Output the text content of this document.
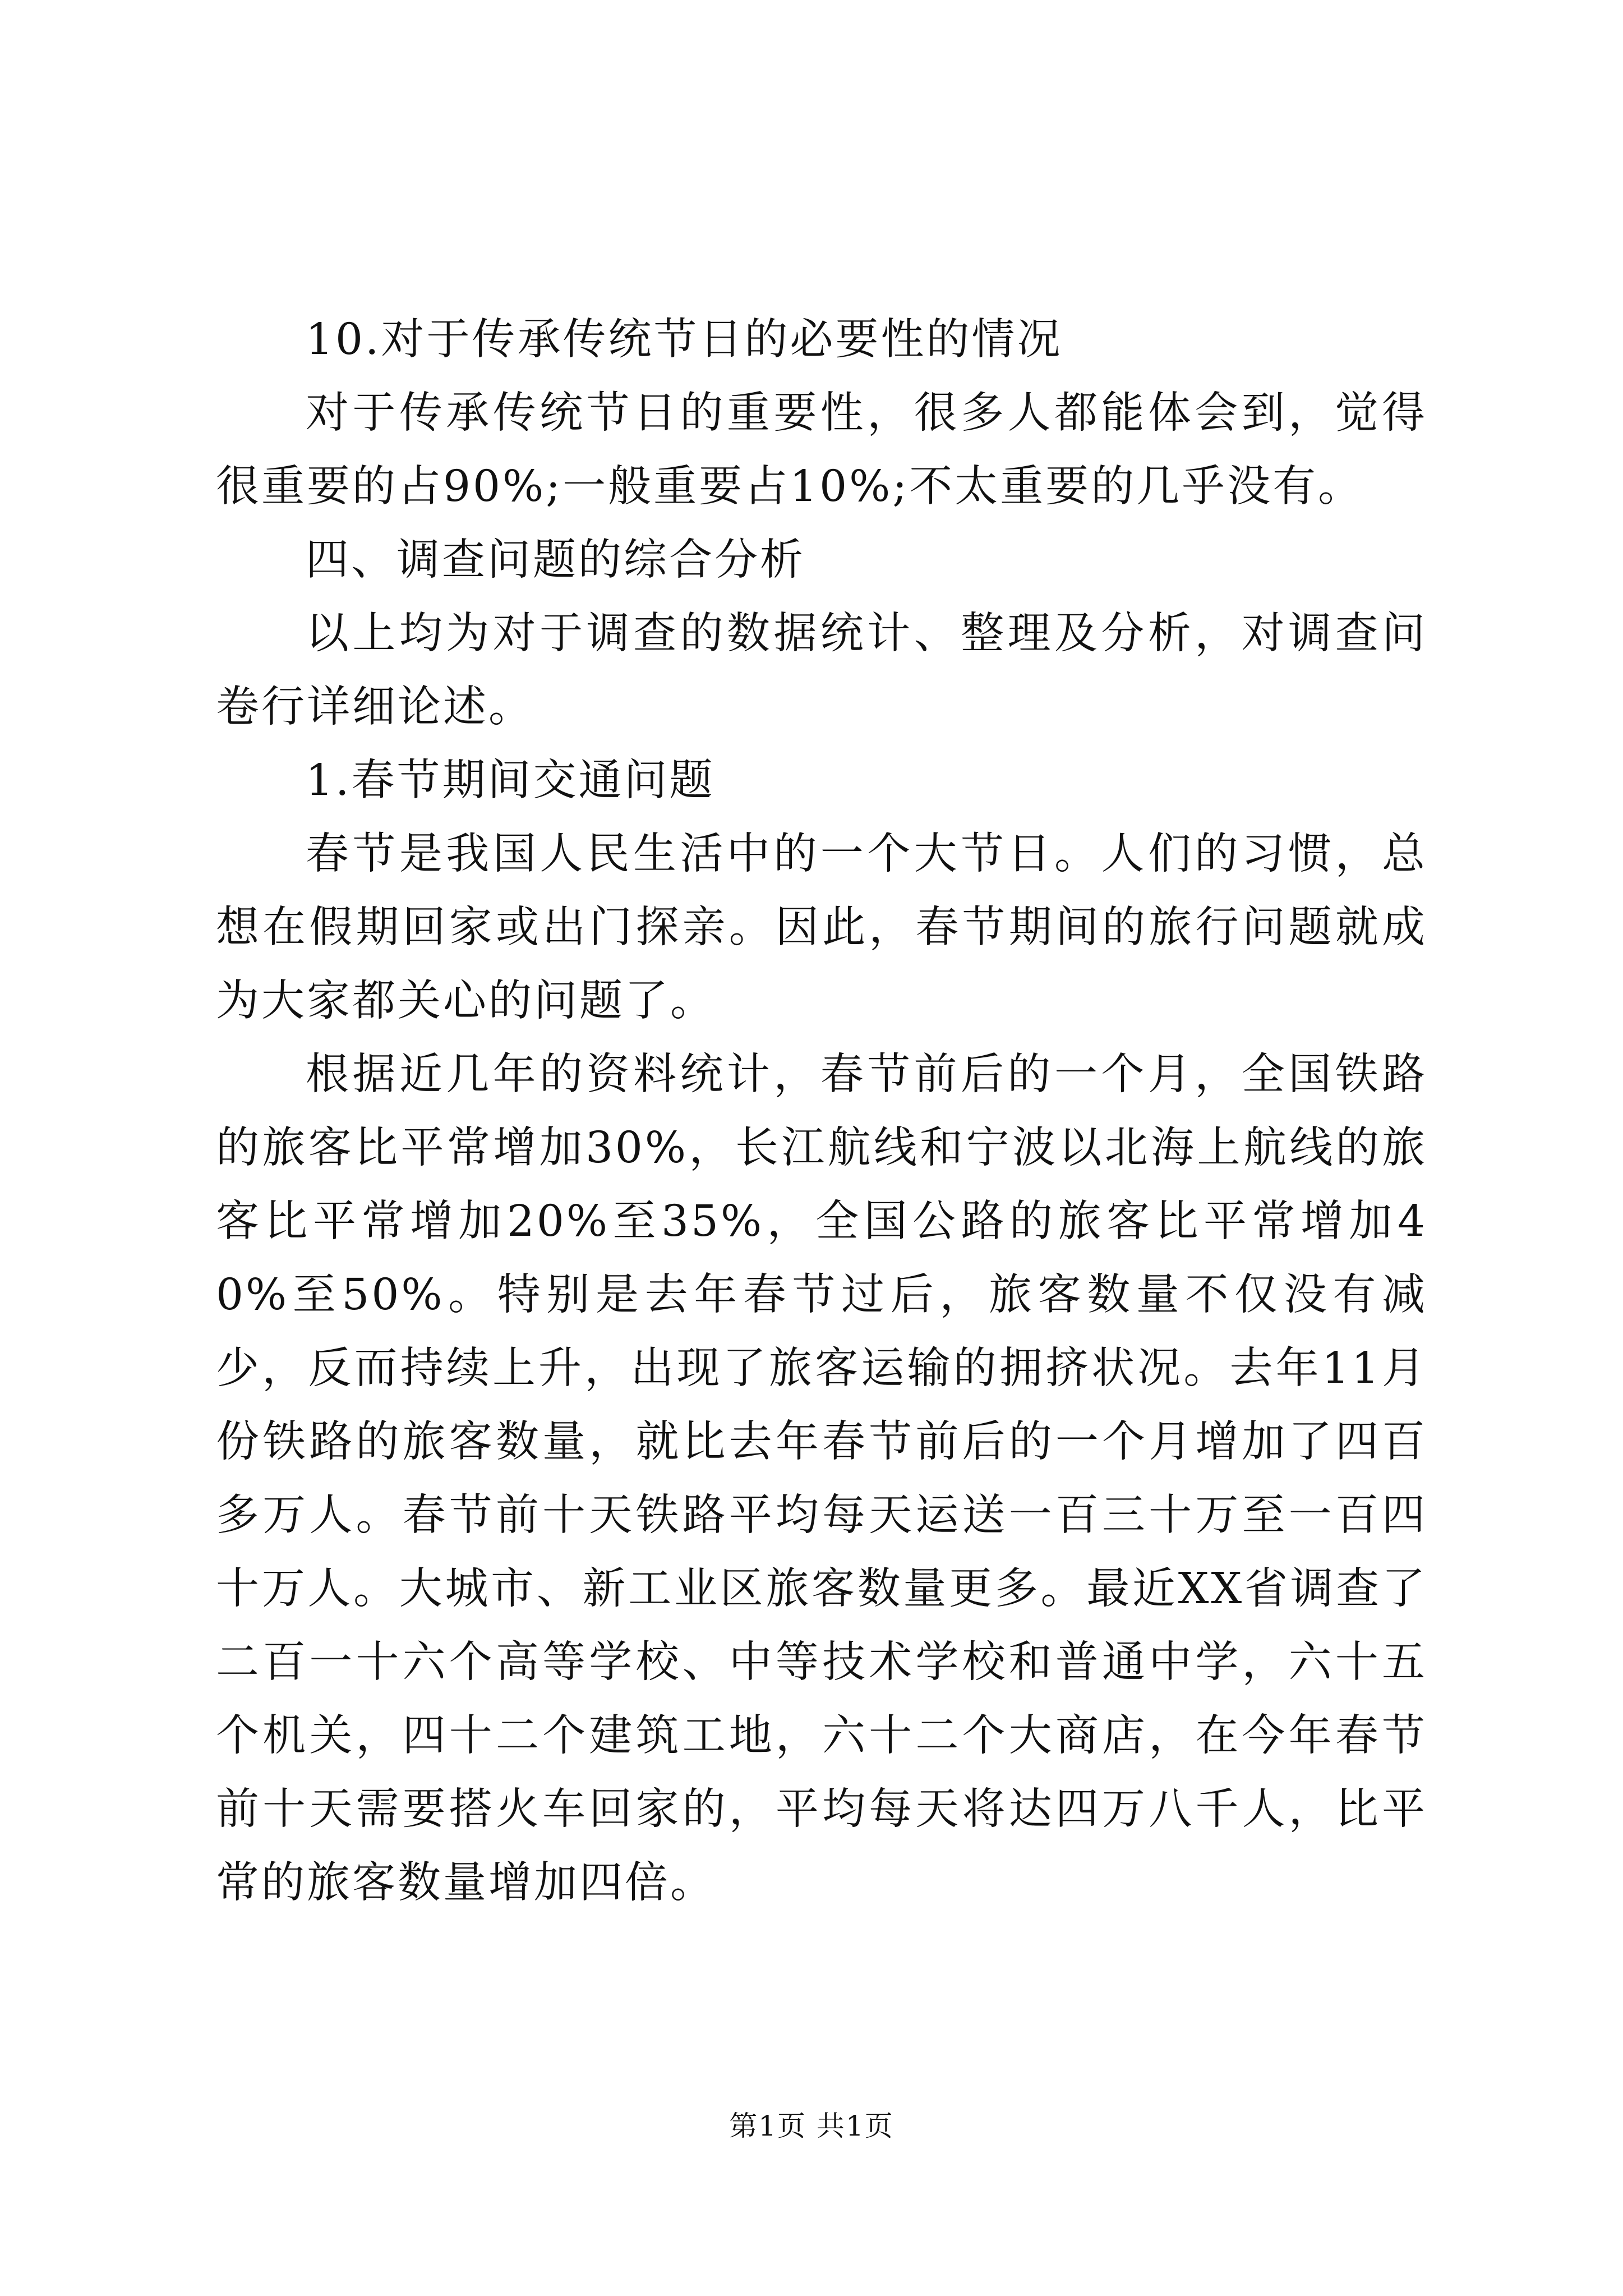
10.对于传承传统节日的必要性的情况

对于传承传统节日的重要性，很多人都能体会到，觉得很重要的占90%;一般重要占10%;不太重要的几乎没有。

四、调查问题的综合分析

以上均为对于调查的数据统计、整理及分析，对调查问卷行详细论述。

1.春节期间交通问题

春节是我国人民生活中的一个大节日。人们的习惯，总想在假期回家或出门探亲。因此，春节期间的旅行问题就成为大家都关心的问题了。

根据近几年的资料统计，春节前后的一个月，全国铁路的旅客比平常增加30%，长江航线和宁波以北海上航线的旅客比平常增加20%至35%，全国公路的旅客比平常增加40%至50%。特别是去年春节过后，旅客数量不仅没有减少，反而持续上升，出现了旅客运输的拥挤状况。去年11月份铁路的旅客数量，就比去年春节前后的一个月增加了四百多万人。春节前十天铁路平均每天运送一百三十万至一百四十万人。大城市、新工业区旅客数量更多。最近XX省调查了二百一十六个高等学校、中等技术学校和普通中学，六十五个机关，四十二个建筑工地，六十二个大商店，在今年春节前十天需要搭火车回家的，平均每天将达四万八千人，比平常的旅客数量增加四倍。

第1页 共1页
